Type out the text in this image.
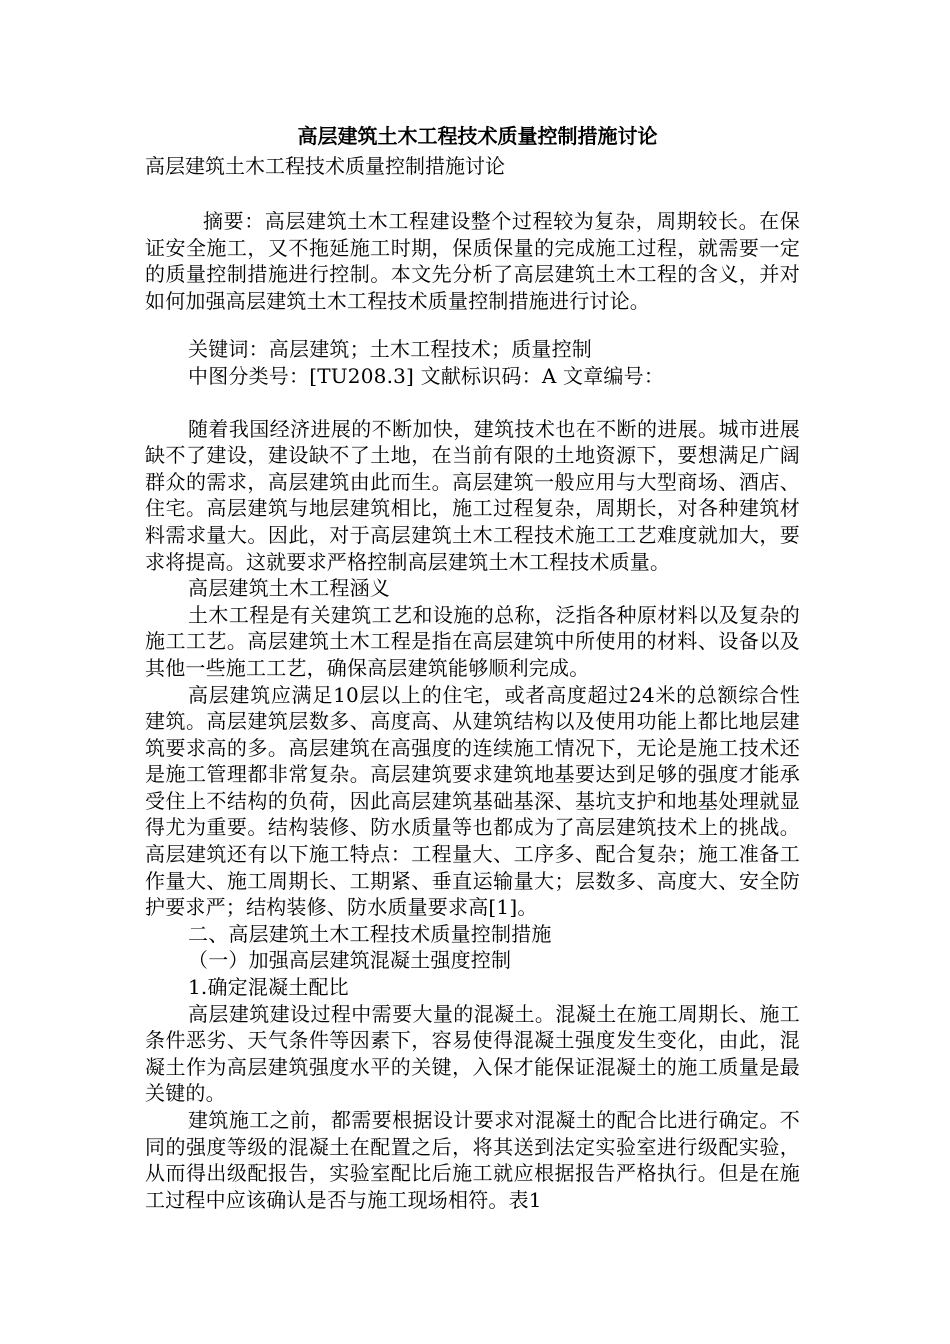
高层建筑土木工程技术质量控制措施讨论
高层建筑土木工程技术质量控制措施讨论

摘要：高层建筑土木工程建设整个过程较为复杂，周期较长。在保证安全施工，又不拖延施工时期，保质保量的完成施工过程，就需要一定的质量控制措施进行控制。本文先分析了高层建筑土木工程的含义，并对如何加强高层建筑土木工程技术质量控制措施进行讨论。

关键词：高层建筑；土木工程技术；质量控制

中图分类号：[TU208.3] 文献标识码：A 文章编号：

随着我国经济进展的不断加快，建筑技术也在不断的进展。城市进展缺不了建设，建设缺不了土地，在当前有限的土地资源下，要想满足广阔群众的需求，高层建筑由此而生。高层建筑一般应用与大型商场、酒店、住宅。高层建筑与地层建筑相比，施工过程复杂，周期长，对各种建筑材料需求量大。因此，对于高层建筑土木工程技术施工工艺难度就加大，要求将提高。这就要求严格控制高层建筑土木工程技术质量。

高层建筑土木工程涵义

土木工程是有关建筑工艺和设施的总称，泛指各种原材料以及复杂的施工工艺。高层建筑土木工程是指在高层建筑中所使用的材料、设备以及其他一些施工工艺，确保高层建筑能够顺利完成。

高层建筑应满足10层以上的住宅，或者高度超过24米的总额综合性建筑。高层建筑层数多、高度高、从建筑结构以及使用功能上都比地层建筑要求高的多。高层建筑在高强度的连续施工情况下，无论是施工技术还是施工管理都非常复杂。高层建筑要求建筑地基要达到足够的强度才能承受住上不结构的负荷，因此高层建筑基础基深、基坑支护和地基处理就显得尤为重要。结构装修、防水质量等也都成为了高层建筑技术上的挑战。高层建筑还有以下施工特点：工程量大、工序多、配合复杂；施工准备工作量大、施工周期长、工期紧、垂直运输量大；层数多、高度大、安全防护要求严；结构装修、防水质量要求高[1]。

二、高层建筑土木工程技术质量控制措施

（一）加强高层建筑混凝土强度控制

1.确定混凝土配比

高层建筑建设过程中需要大量的混凝土。混凝土在施工周期长、施工条件恶劣、天气条件等因素下，容易使得混凝土强度发生变化，由此，混凝土作为高层建筑强度水平的关键，入保才能保证混凝土的施工质量是最关键的。

建筑施工之前，都需要根据设计要求对混凝土的配合比进行确定。不同的强度等级的混凝土在配置之后，将其送到法定实验室进行级配实验，从而得出级配报告，实验室配比后施工就应根据报告严格执行。但是在施工过程中应该确认是否与施工现场相符。表1
